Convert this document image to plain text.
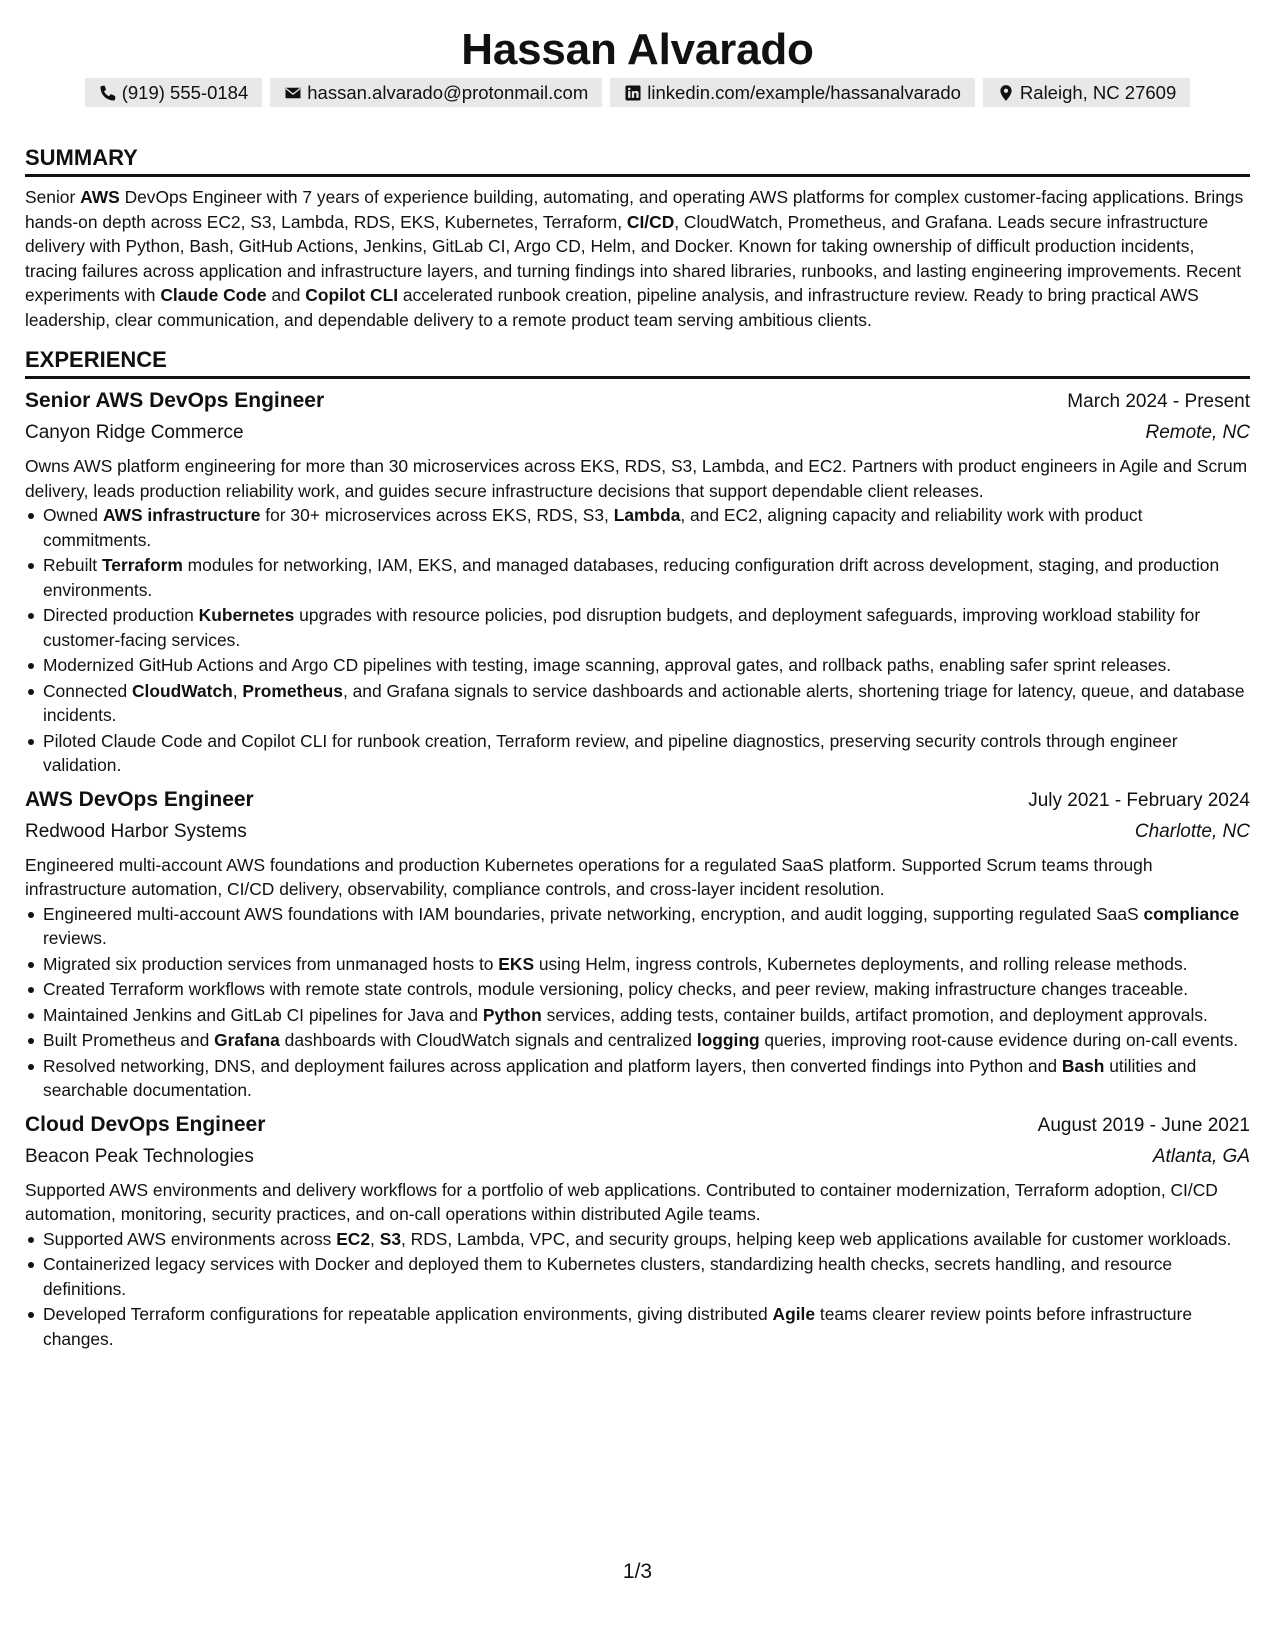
Hassan Alvarado
(919) 555-0184	hassan.alvarado@protonmail.com	linkedin.com/example/hassanalvarado	Raleigh, NC 27609
SUMMARY

Senior AWS DevOps Engineer with 7 years of experience building, automating, and operating AWS platforms for complex customer-facing applications. Brings hands-on depth across EC2, S3, Lambda, RDS, EKS, Kubernetes, Terraform, CI/CD, CloudWatch, Prometheus, and Grafana. Leads secure infrastructure delivery with Python, Bash, GitHub Actions, Jenkins, GitLab CI, Argo CD, Helm, and Docker. Known for taking ownership of difficult production incidents, tracing failures across application and infrastructure layers, and turning findings into shared libraries, runbooks, and lasting engineering improvements. Recent experiments with Claude Code and Copilot CLI accelerated runbook creation, pipeline analysis, and infrastructure review. Ready to bring practical AWS leadership, clear communication, and dependable delivery to a remote product team serving ambitious clients.

EXPERIENCE
Senior AWS DevOps Engineer	March 2024 - Present
Canyon Ridge Commerce	Remote, NC

Owns AWS platform engineering for more than 30 microservices across EKS, RDS, S3, Lambda, and EC2. Partners with product engineers in Agile and Scrum delivery, leads production reliability work, and guides secure infrastructure decisions that support dependable client releases.

Owned AWS infrastructure for 30+ microservices across EKS, RDS, S3, Lambda, and EC2, aligning capacity and reliability work with product commitments.
Rebuilt Terraform modules for networking, IAM, EKS, and managed databases, reducing configuration drift across development, staging, and production environments.
Directed production Kubernetes upgrades with resource policies, pod disruption budgets, and deployment safeguards, improving workload stability for customer-facing services.
Modernized GitHub Actions and Argo CD pipelines with testing, image scanning, approval gates, and rollback paths, enabling safer sprint releases.
Connected CloudWatch, Prometheus, and Grafana signals to service dashboards and actionable alerts, shortening triage for latency, queue, and database incidents.
Piloted Claude Code and Copilot CLI for runbook creation, Terraform review, and pipeline diagnostics, preserving security controls through engineer validation.
AWS DevOps Engineer	July 2021 - February 2024
Redwood Harbor Systems	Charlotte, NC

Engineered multi-account AWS foundations and production Kubernetes operations for a regulated SaaS platform. Supported Scrum teams through infrastructure automation, CI/CD delivery, observability, compliance controls, and cross-layer incident resolution.

Engineered multi-account AWS foundations with IAM boundaries, private networking, encryption, and audit logging, supporting regulated SaaS compliance reviews.
Migrated six production services from unmanaged hosts to EKS using Helm, ingress controls, Kubernetes deployments, and rolling release methods.
Created Terraform workflows with remote state controls, module versioning, policy checks, and peer review, making infrastructure changes traceable.
Maintained Jenkins and GitLab CI pipelines for Java and Python services, adding tests, container builds, artifact promotion, and deployment approvals.
Built Prometheus and Grafana dashboards with CloudWatch signals and centralized logging queries, improving root-cause evidence during on-call events.
Resolved networking, DNS, and deployment failures across application and platform layers, then converted findings into Python and Bash utilities and searchable documentation.
Cloud DevOps Engineer	August 2019 - June 2021
Beacon Peak Technologies	Atlanta, GA

Supported AWS environments and delivery workflows for a portfolio of web applications. Contributed to container modernization, Terraform adoption, CI/CD automation, monitoring, security practices, and on-call operations within distributed Agile teams.

Supported AWS environments across EC2, S3, RDS, Lambda, VPC, and security groups, helping keep web applications available for customer workloads.
Containerized legacy services with Docker and deployed them to Kubernetes clusters, standardizing health checks, secrets handling, and resource definitions.
Developed Terraform configurations for repeatable application environments, giving distributed Agile teams clearer review points before infrastructure changes.
1/3
